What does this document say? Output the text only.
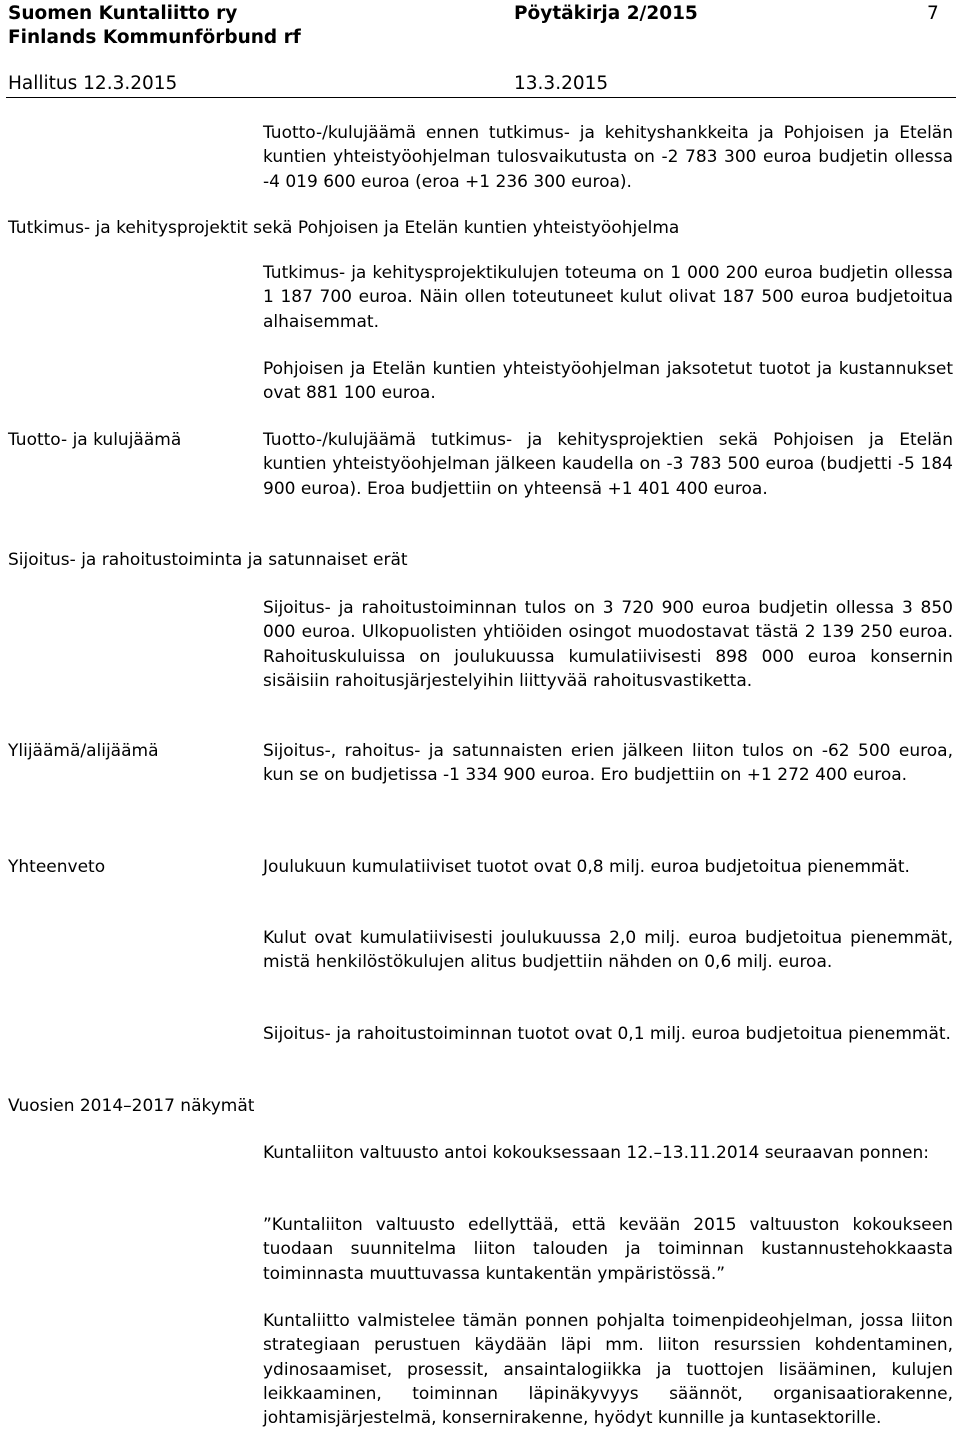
Suomen Kuntaliitto ry
Finlands Kommunförbund rf
Pöytäkirja 2/2015	7
Hallitus 12.3.2015	13.3.2015

Tuotto-/kulujäämä ennen tutkimus- ja kehityshankkeita ja Pohjoisen ja Etelän kuntien yhteistyöohjelman tulosvaikutusta on -2 783 300 euroa budjetin ollessa -4 019 600 euroa (eroa +1 236 300 euroa).

Tutkimus- ja kehitysprojektit sekä Pohjoisen ja Etelän kuntien yhteistyöohjelma

Tutkimus- ja kehitysprojektikulujen toteuma on 1 000 200 euroa budjetin ollessa 1 187 700 euroa. Näin ollen toteutuneet kulut olivat 187 500 euroa budjetoitua alhaisemmat.

Pohjoisen ja Etelän kuntien yhteistyöohjelman jaksotetut tuotot ja kustannukset ovat 881 100 euroa.

Tuotto- ja kulujäämä	Tuotto-/kulujäämä tutkimus- ja kehitysprojektien sekä Pohjoisen ja Etelän kuntien yhteistyöohjelman jälkeen kaudella on -3 783 500 euroa (budjetti -5 184 900 euroa). Eroa budjettiin on yhteensä +1 401 400 euroa.

Sijoitus- ja rahoitustoiminta ja satunnaiset erät

Sijoitus- ja rahoitustoiminnan tulos on 3 720 900 euroa budjetin ollessa 3 850 000 euroa. Ulkopuolisten yhtiöiden osingot muodostavat tästä 2 139 250 euroa. Rahoituskuluissa on joulukuussa kumulatiivisesti 898 000 euroa konsernin sisäisiin rahoitusjärjestelyihin liittyvää rahoitusvastiketta.

Ylijäämä/alijäämä	Sijoitus-, rahoitus- ja satunnaisten erien jälkeen liiton tulos on -62 500 euroa, kun se on budjetissa -1 334 900 euroa. Ero budjettiin on +1 272 400 euroa.

Yhteenveto	Joulukuun kumulatiiviset tuotot ovat 0,8 milj. euroa budjetoitua pienemmät.

Kulut ovat kumulatiivisesti joulukuussa 2,0 milj. euroa budjetoitua pienemmät, mistä henkilöstökulujen alitus budjettiin nähden on 0,6 milj. euroa.

Sijoitus- ja rahoitustoiminnan tuotot ovat 0,1 milj. euroa budjetoitua pienemmät.

Vuosien 2014–2017 näkymät

Kuntaliiton valtuusto antoi kokouksessaan 12.–13.11.2014 seuraavan ponnen:

”Kuntaliiton valtuusto edellyttää, että kevään 2015 valtuuston kokoukseen tuodaan suunnitelma liiton talouden ja toiminnan kustannustehokkaasta toiminnasta muuttuvassa kuntakentän ympäristössä.”

Kuntaliitto valmistelee tämän ponnen pohjalta toimenpideohjelman, jossa liiton strategiaan perustuen käydään läpi mm. liiton resurssien kohdentaminen, ydinosaamiset, prosessit, ansaintalogiikka ja tuottojen lisääminen, kulujen leikkaaminen, toiminnan läpinäkyvyys säännöt, organisaatiorakenne, johtamisjärjestelmä, konsernirakenne, hyödyt kunnille ja kuntasektorille.
